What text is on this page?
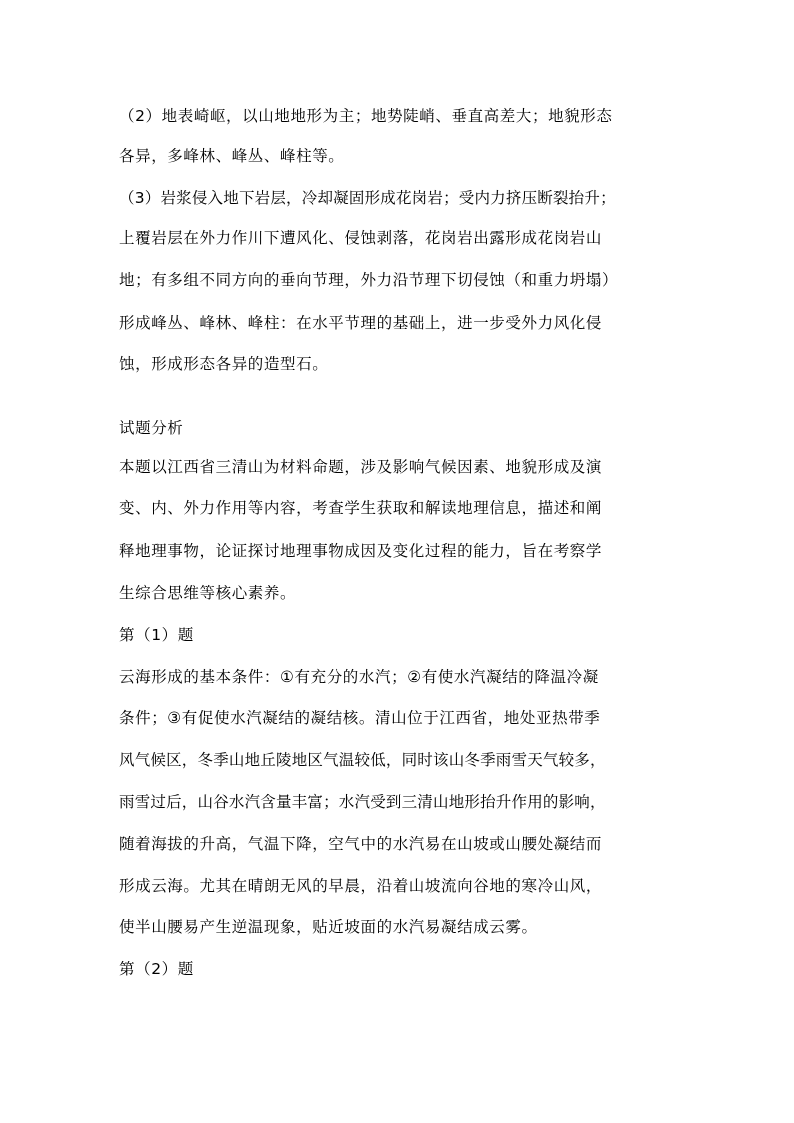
（2）地表崎岖，以山地地形为主；地势陡峭、垂直高差大；地貌形态
各异，多峰林、峰丛、峰柱等。
（3）岩浆侵入地下岩层，冷却凝固形成花岗岩；受内力挤压断裂抬升；
上覆岩层在外力作川下遭风化、侵蚀剥落，花岗岩出露形成花岗岩山
地；有多组不同方向的垂向节理，外力沿节理下切侵蚀（和重力坍塌）
形成峰丛、峰林、峰柱：在水平节理的基础上，进一步受外力风化侵
蚀，形成形态各异的造型石。
试题分析
本题以江西省三清山为材料命题，涉及影响气候因素、地貌形成及演
变、内、外力作用等内容，考查学生获取和解读地理信息，描述和阐
释地理事物，论证探讨地理事物成因及变化过程的能力，旨在考察学
生综合思维等核心素养。
第（1）题
云海形成的基本条件：①有充分的水汽；②有使水汽凝结的降温冷凝
条件；③有促使水汽凝结的凝结核。清山位于江西省，地处亚热带季
风气候区，冬季山地丘陵地区气温较低，同时该山冬季雨雪天气较多，
雨雪过后，山谷水汽含量丰富；水汽受到三清山地形抬升作用的影响，
随着海拔的升高，气温下降，空气中的水汽易在山坡或山腰处凝结而
形成云海。尤其在晴朗无风的早晨，沿着山坡流向谷地的寒冷山风，
使半山腰易产生逆温现象，贴近坡面的水汽易凝结成云雾。
第（2）题
